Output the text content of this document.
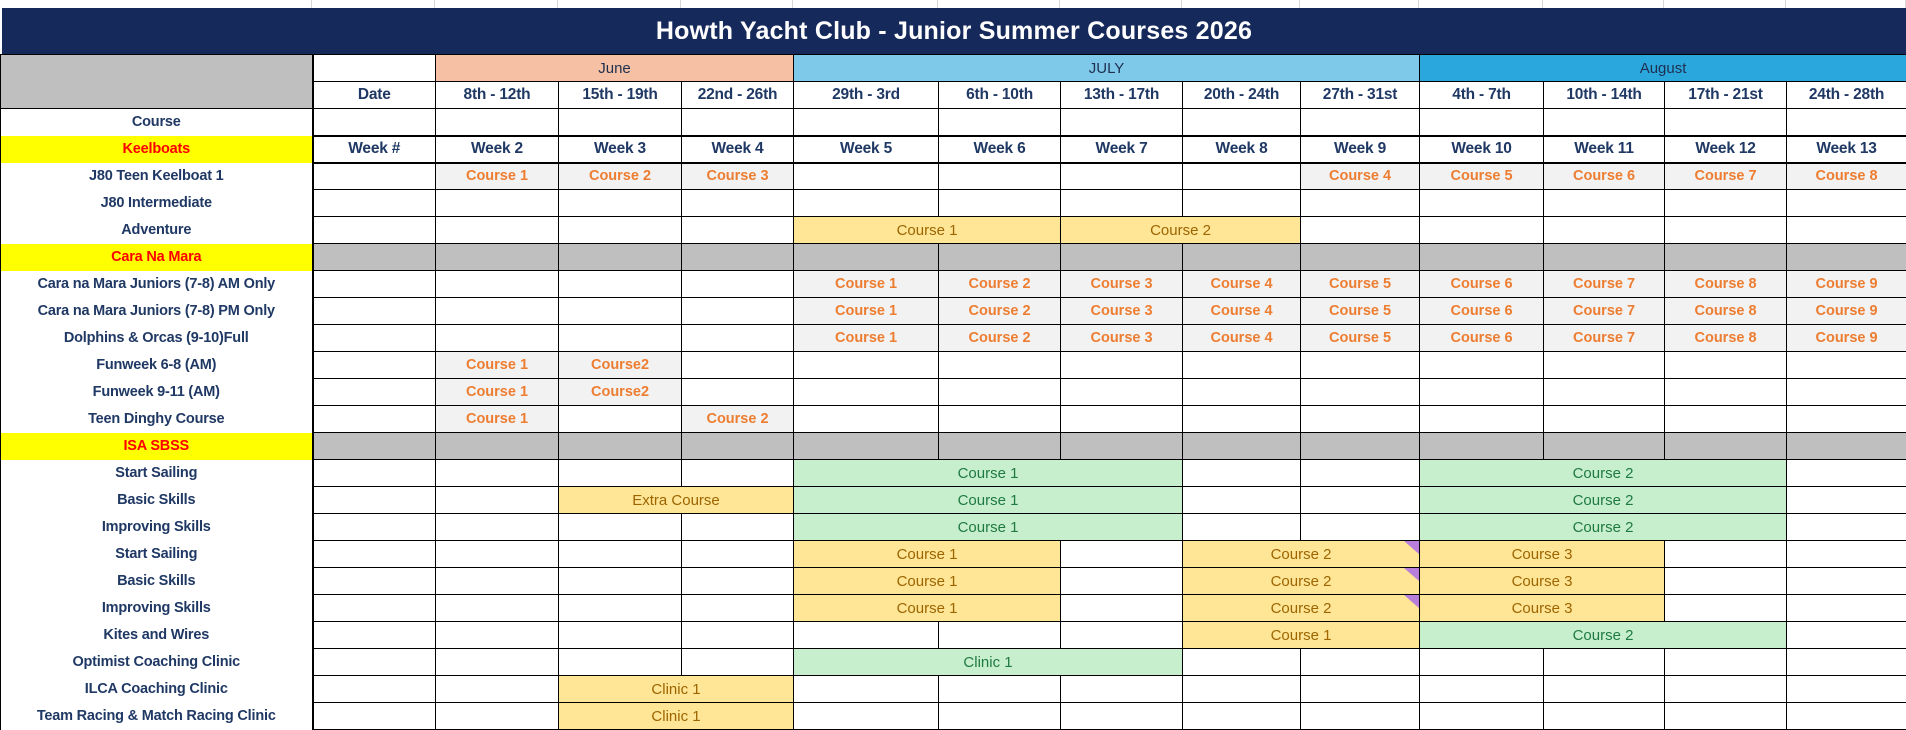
Howth Yacht Club - Junior Summer Courses 2026
		June			JULY					August			
	Date	8th - 12th	15th - 19th	22nd - 26th	29th - 3rd	6th - 10th	13th - 17th	20th - 24th	27th - 31st	4th - 7th	10th - 14th	17th - 21st	24th - 28th
Course													
Keelboats	Week #	Week 2	Week 3	Week 4	Week 5	Week 6	Week 7	Week 8	Week 9	Week 10	Week 11	Week 12	Week 13
J80 Teen Keelboat 1		Course 1	Course 2	Course 3					Course 4	Course 5	Course 6	Course 7	Course 8
J80 Intermediate													
Adventure					Course 1		Course 2						
Cara Na Mara													
Cara na Mara Juniors (7-8) AM Only					Course 1	Course 2	Course 3	Course 4	Course 5	Course 6	Course 7	Course 8	Course 9
Cara na Mara Juniors (7-8) PM Only					Course 1	Course 2	Course 3	Course 4	Course 5	Course 6	Course 7	Course 8	Course 9
Dolphins & Orcas (9-10)Full					Course 1	Course 2	Course 3	Course 4	Course 5	Course 6	Course 7	Course 8	Course 9
Funweek 6-8 (AM)		Course 1	Course2										
Funweek 9-11 (AM)		Course 1	Course2										
Teen Dinghy Course		Course 1		Course 2									
ISA SBSS													
Start Sailing					Course 1					Course 2			
Basic Skills			Extra Course		Course 1					Course 2			
Improving Skills					Course 1					Course 2			
Start Sailing					Course 1			Course 2		Course 3			
Basic Skills					Course 1			Course 2		Course 3			
Improving Skills					Course 1			Course 2		Course 3			
Kites and Wires								Course 1		Course 2			
Optimist Coaching Clinic					Clinic 1								
ILCA Coaching Clinic			Clinic 1										
Team Racing & Match Racing Clinic			Clinic 1										
